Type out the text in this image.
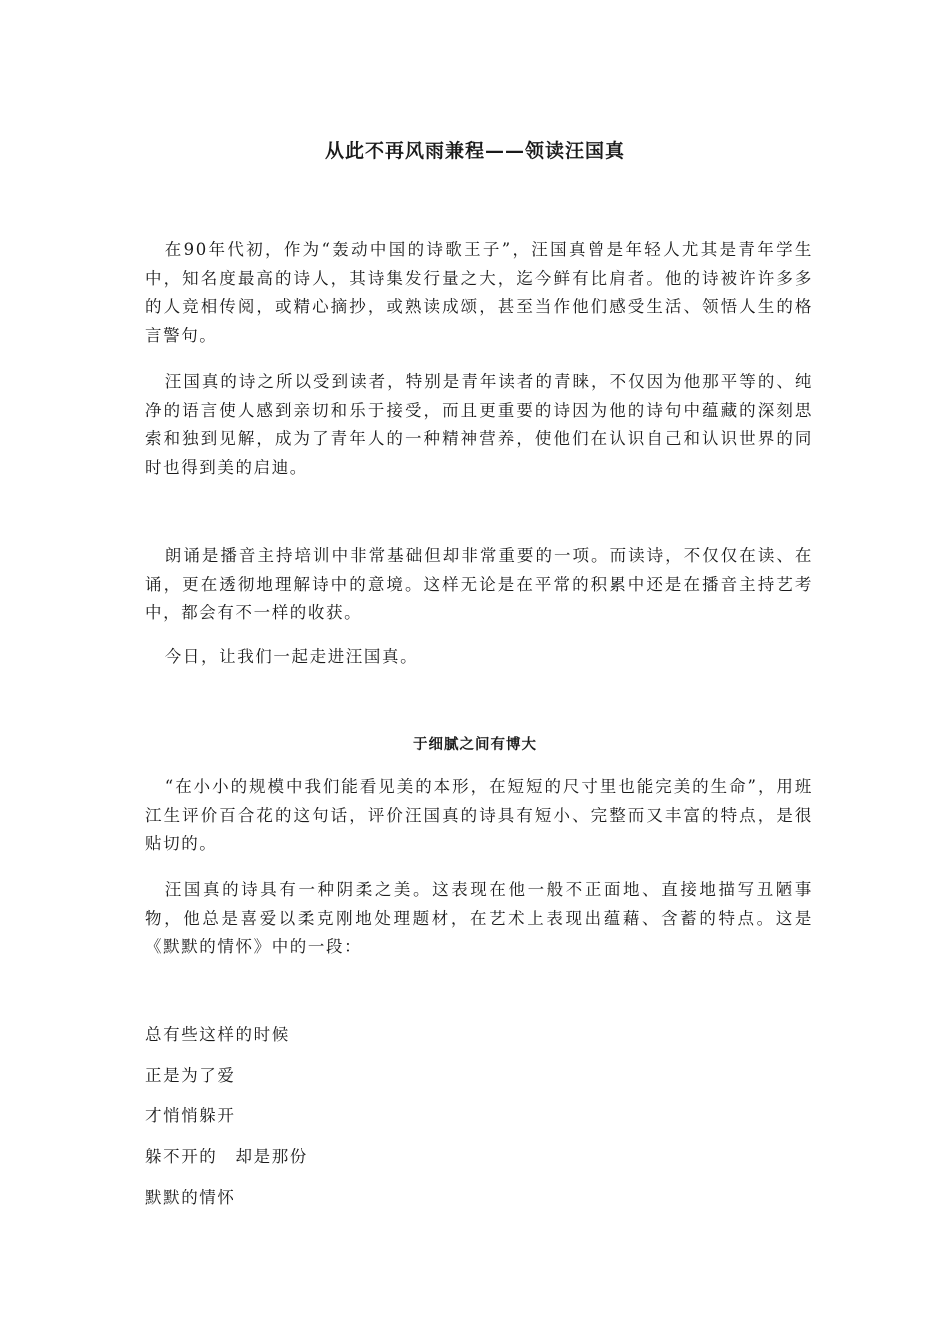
从此不再风雨兼程——领读汪国真

在90年代初，作为“轰动中国的诗歌王子”，汪国真曾是年轻人尤其是青年学生中，知名度最高的诗人，其诗集发行量之大，迄今鲜有比肩者。他的诗被许许多多的人竞相传阅，或精心摘抄，或熟读成颂，甚至当作他们感受生活、领悟人生的格言警句。

汪国真的诗之所以受到读者，特别是青年读者的青睐，不仅因为他那平等的、纯净的语言使人感到亲切和乐于接受，而且更重要的诗因为他的诗句中蕴藏的深刻思索和独到见解，成为了青年人的一种精神营养，使他们在认识自己和认识世界的同时也得到美的启迪。

朗诵是播音主持培训中非常基础但却非常重要的一项。而读诗，不仅仅在读、在诵，更在透彻地理解诗中的意境。这样无论是在平常的积累中还是在播音主持艺考中，都会有不一样的收获。

今日，让我们一起走进汪国真。

于细腻之间有博大

“在小小的规模中我们能看见美的本形，在短短的尺寸里也能完美的生命”，用班江生评价百合花的这句话，评价汪国真的诗具有短小、完整而又丰富的特点，是很贴切的。

汪国真的诗具有一种阴柔之美。这表现在他一般不正面地、直接地描写丑陋事物，他总是喜爱以柔克刚地处理题材，在艺术上表现出蕴藉、含蓄的特点。这是《默默的情怀》中的一段：

总有些这样的时候

正是为了爱

才悄悄躲开

躲不开的　却是那份

默默的情怀
